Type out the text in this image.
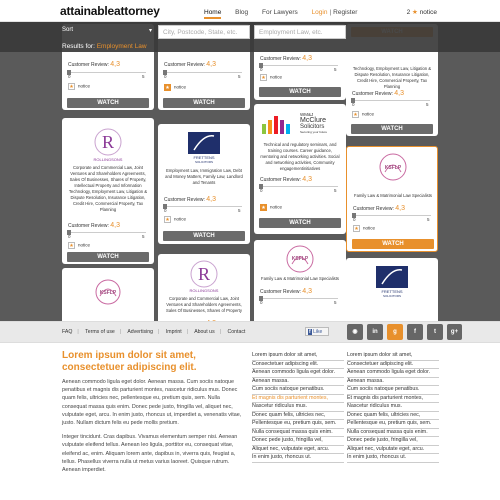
attainableattorney	Home Blog For Lawyers Login | Register	2 ★ notice
Customer Review: 4,3
0	5
★ notice
WATCH
R
ROLLINGSONS
Corporate and Commercial Law, Joint Ventures and Shareholders Agreements, Sales Of Businesses, Shares of Property, Intellectual Property and Information Technology, Employment Law, Litigation & Dispute Resolution, Insurance Litigation, Credit Hire, Commercial Property, Tax Planning
Customer Review: 4,3
0	5
★ notice
WATCH
KSFLP
Customer Review: 4,3
0	5
★ notice
WATCH
FRETTENS
SOLICITORS
Employment Law, Immigration Law, Debt and Money Matters, Family Law, Landlord and Tenants
Customer Review: 4,3
0	5
★ notice
WATCH
R
ROLLINGSONS
Corporate and Commercial Law, Joint Ventures and Shareholders Agreements, Sales Of Businesses, Shares of Property
Customer Review: 4,3
0	5
★ notice
WATCH
WM&J
McClure
Solicitors
Securing your future
Technical and regulatory seminars, and training courses. Career guidance, mentoring and networking activities. Social and networking activities, Community engagementinitiatives
Customer Review: 4,3
0	5
★ notice
WATCH
KSFLP
Family Law & Matrimonial Law Specialists
Customer Review: 4,3
0	5
Technology, Employment Law, Litigation & Dispute Resolution, Insurance Litigation, Credit Hire, Commercial Property, Tax Planning
Customer Review: 4,3
0	5
★ notice
WATCH
KSFLP
Family Law & Matrimonial Law Specialists
Customer Review: 4,3
0	5
★ notice
WATCH
FRETTENS
SOLICITORS
Sort	▾	City, Postcode, State, etc.	Employment Law, etc.
Results for: Employment Law
FAQ | Terms of use | Advertising | Imprint | About us | Contact	f Like	◉	in	g	f	t	g+
Lorem ipsum dolor sit amet, consectetuer adipiscing elit.
Aenean commodo ligula eget dolor. Aenean massa. Cum sociis natoque penatibus et magnis dis parturient montes, nascetur ridiculus mus. Donec quam felis, ultricies nec, pellentesque eu, pretium quis, sem. Nulla consequat massa quis enim. Donec pede justo, fringilla vel, aliquet nec, vulputate eget, arcu. In enim justo, rhoncus ut, imperdiet a, venenatis vitae, justo. Nullam dictum felis eu pede mollis pretium.
Integer tincidunt. Cras dapibus. Vivamus elementum semper nisi. Aenean vulputate eleifend tellus. Aenean leo ligula, porttitor eu, consequat vitae, eleifend ac, enim. Aliquam lorem ante, dapibus in, viverra quis, feugiat a, tellus. Phasellus viverra nulla ut metus varius laoreet. Quisque rutrum. Aenean imperdiet.
Lorem ipsum dolor sit amet,
Consectetuer adipiscing elit.
Aenean commodo ligula eget dolor.
Aenean massa.
Cum sociis natoque penatibus.
Et magnis dis parturient montes,
Nascetur ridiculus mus.
Donec quam felis, ultricies nec,
Pellentesque eu, pretium quis, sem.
Nulla consequat massa quis enim.
Donec pede justo, fringilla vel,
Aliquet nec, vulputate eget, arcu.
In enim justo, rhoncus ut.
Lorem ipsum dolor sit amet,
Consectetuer adipiscing elit.
Aenean commodo ligula eget dolor.
Aenean massa.
Cum sociis natoque penatibus.
Et magnis dis parturient montes,
Nascetur ridiculus mus.
Donec quam felis, ultricies nec,
Pellentesque eu, pretium quis, sem.
Nulla consequat massa quis enim.
Donec pede justo, fringilla vel,
Aliquet nec, vulputate eget, arcu.
In enim justo, rhoncus ut.
